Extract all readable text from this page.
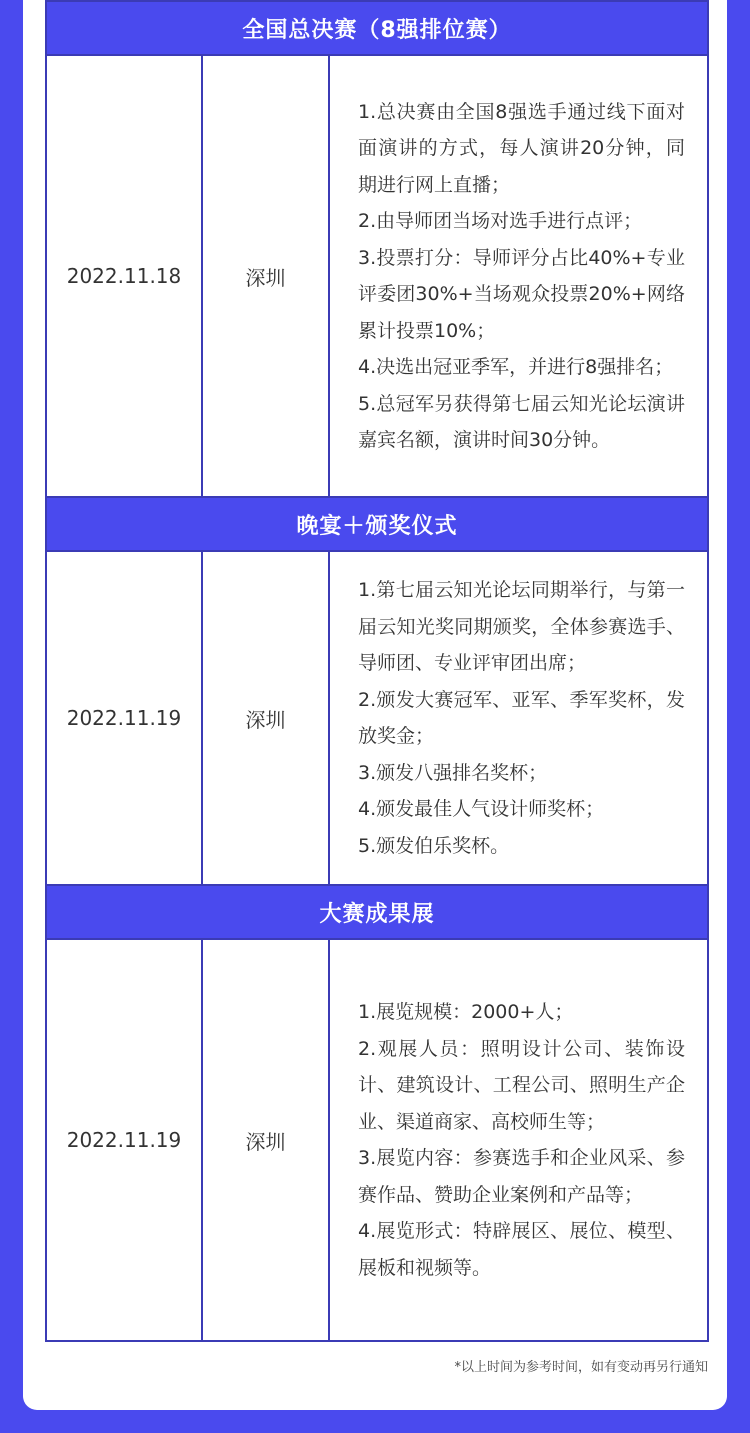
全国总决赛（8强排位赛）		
2022.11.18	深圳	1.总决赛由全国8强选手通过线下面对面演讲的方式，每人演讲20分钟，同期进行网上直播；

2.由导师团当场对选手进行点评；

3.投票打分：导师评分占比40%+专业评委团30%+当场观众投票20%+网络累计投票10%；

4.决选出冠亚季军，并进行8强排名；

5.总冠军另获得第七届云知光论坛演讲嘉宾名额，演讲时间30分钟。

晚宴＋颁奖仪式		
2022.11.19	深圳	1.第七届云知光论坛同期举行，与第一届云知光奖同期颁奖，全体参赛选手、导师团、专业评审团出席；

2.颁发大赛冠军、亚军、季军奖杯，发放奖金；

3.颁发八强排名奖杯；

4.颁发最佳人气设计师奖杯；

5.颁发伯乐奖杯。

大赛成果展		
2022.11.19	深圳	1.展览规模：2000+人；

2.观展人员：照明设计公司、装饰设计、建筑设计、工程公司、照明生产企业、渠道商家、高校师生等；

3.展览内容：参赛选手和企业风采、参赛作品、赞助企业案例和产品等；

4.展览形式：特辟展区、展位、模型、展板和视频等。

*以上时间为参考时间，如有变动再另行通知
